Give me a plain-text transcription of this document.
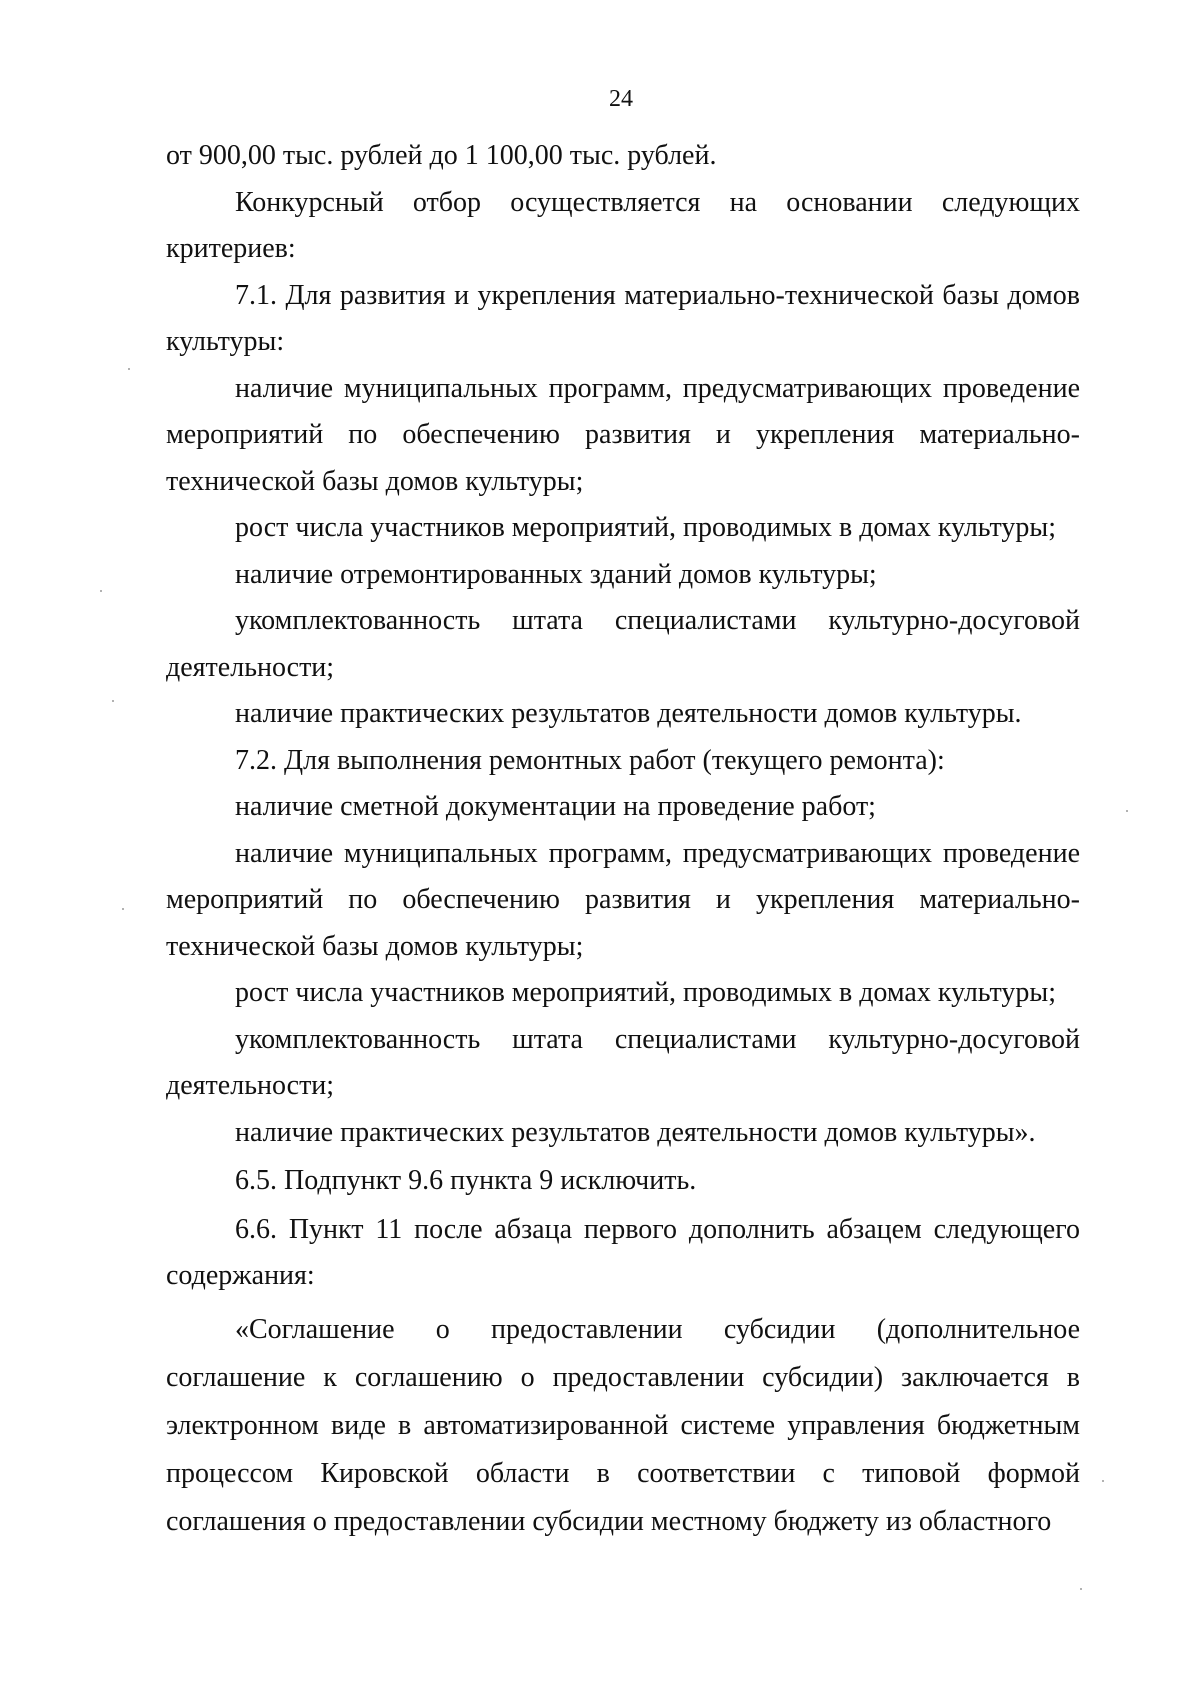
24

от 900,00 тыс. рублей до 1 100,00 тыс. рублей.

Конкурсный отбор осуществляется на основании следующих критериев:

7.1. Для развития и укрепления материально-технической базы домов культуры:

наличие муниципальных программ, предусматривающих проведение мероприятий по обеспечению развития и укрепления материально-технической базы домов культуры;

рост числа участников мероприятий, проводимых в домах культуры;

наличие отремонтированных зданий домов культуры;

укомплектованность штата специалистами культурно-досуговой деятельности;

наличие практических результатов деятельности домов культуры.

7.2. Для выполнения ремонтных работ (текущего ремонта):

наличие сметной документации на проведение работ;

наличие муниципальных программ, предусматривающих проведение мероприятий по обеспечению развития и укрепления материально-технической базы домов культуры;

рост числа участников мероприятий, проводимых в домах культуры;

укомплектованность штата специалистами культурно-досуговой деятельности;

наличие практических результатов деятельности домов культуры».

6.5. Подпункт 9.6 пункта 9 исключить.

6.6. Пункт 11 после абзаца первого дополнить абзацем следующего содержания:

«Соглашение о предоставлении субсидии (дополнительное соглашение к соглашению о предоставлении субсидии) заключается в электронном виде в автоматизированной системе управления бюджетным процессом Кировской области в соответствии с типовой формой соглашения о предоставлении субсидии местному бюджету из областного
